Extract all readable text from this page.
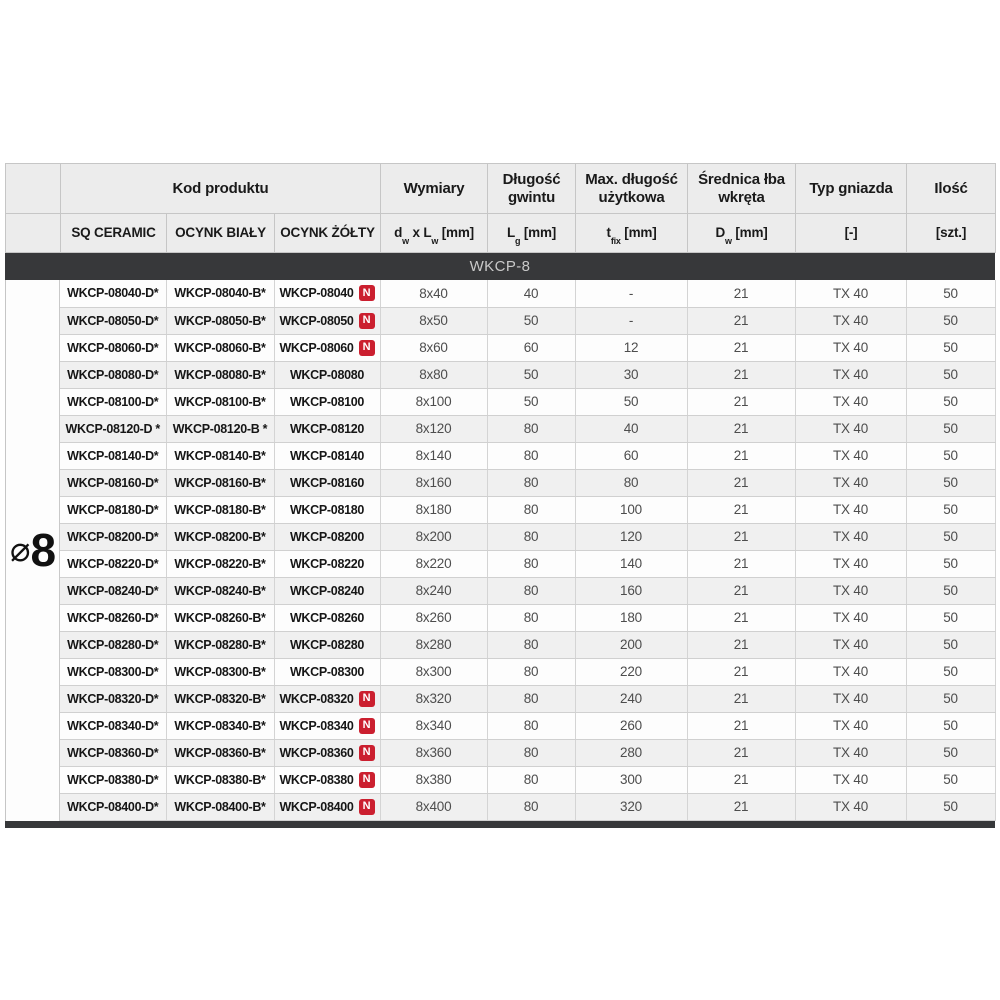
	Kod produktu			Wymiary	Długość gwintu	Max. długość użytkowa	Średnica łba wkręta	Typ gniazda	Ilość
	SQ CERAMIC	OCYNK BIAŁY	OCYNK ŻÓŁTY	$d_w$ x $L_w$ [mm]	$L_g$ [mm]	$t_{fix}$ [mm]	$D_w$ [mm]	[-]	[szt.]
WKCP-8
⌀ 8
WKCP-08040-D*	WKCP-08040-B*	WKCP-08040 N	8x40	40	-	21	TX 40	50
WKCP-08050-D*	WKCP-08050-B*	WKCP-08050 N	8x50	50	-	21	TX 40	50
WKCP-08060-D*	WKCP-08060-B*	WKCP-08060 N	8x60	60	12	21	TX 40	50
WKCP-08080-D*	WKCP-08080-B*	WKCP-08080	8x80	50	30	21	TX 40	50
WKCP-08100-D*	WKCP-08100-B*	WKCP-08100	8x100	50	50	21	TX 40	50
WKCP-08120-D *	WKCP-08120-B *	WKCP-08120	8x120	80	40	21	TX 40	50
WKCP-08140-D*	WKCP-08140-B*	WKCP-08140	8x140	80	60	21	TX 40	50
WKCP-08160-D*	WKCP-08160-B*	WKCP-08160	8x160	80	80	21	TX 40	50
WKCP-08180-D*	WKCP-08180-B*	WKCP-08180	8x180	80	100	21	TX 40	50
WKCP-08200-D*	WKCP-08200-B*	WKCP-08200	8x200	80	120	21	TX 40	50
WKCP-08220-D*	WKCP-08220-B*	WKCP-08220	8x220	80	140	21	TX 40	50
WKCP-08240-D*	WKCP-08240-B*	WKCP-08240	8x240	80	160	21	TX 40	50
WKCP-08260-D*	WKCP-08260-B*	WKCP-08260	8x260	80	180	21	TX 40	50
WKCP-08280-D*	WKCP-08280-B*	WKCP-08280	8x280	80	200	21	TX 40	50
WKCP-08300-D*	WKCP-08300-B*	WKCP-08300	8x300	80	220	21	TX 40	50
WKCP-08320-D*	WKCP-08320-B*	WKCP-08320 N	8x320	80	240	21	TX 40	50
WKCP-08340-D*	WKCP-08340-B*	WKCP-08340 N	8x340	80	260	21	TX 40	50
WKCP-08360-D*	WKCP-08360-B*	WKCP-08360 N	8x360	80	280	21	TX 40	50
WKCP-08380-D*	WKCP-08380-B*	WKCP-08380 N	8x380	80	300	21	TX 40	50
WKCP-08400-D*	WKCP-08400-B*	WKCP-08400 N	8x400	80	320	21	TX 40	50
